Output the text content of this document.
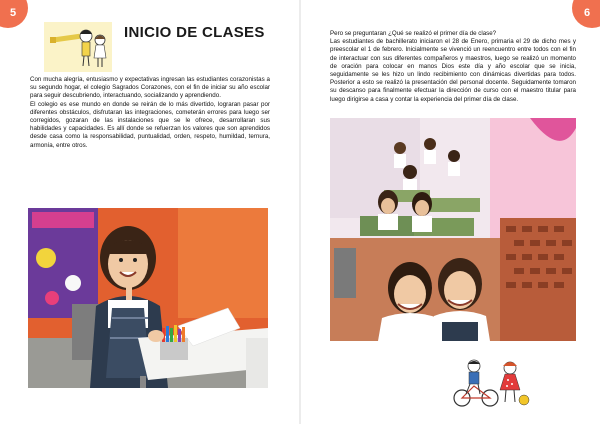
5
INICIO DE CLASES

Con mucha alegría, entusiasmo y expectativas ingresan las estudiantes corazonistas a su segundo hogar, el colegio Sagrados Corazones, con el fin de iniciar su año escolar para seguir descubriendo, interactuando, socializando y aprendiendo.

El colegio es ese mundo en donde se reirán de lo más divertido, lograran pasar por diferentes obstáculos, disfrutaran las integraciones, cometerán errores para luego ser corregidos, gozaran de las instalaciones que se le ofrece, desarrollaran sus habilidades y capacidades. Es allí donde se refuerzan los valores que son aprendidos desde casa como la responsabilidad, puntualidad, orden, respeto, humildad, ternura, armonía, entre otros.

6

Pero se preguntaran ¿Qué se realizó el primer día de clase?

Las estudiantes de bachillerato iniciaron el 28 de Enero, primaria el 29 de dicho mes y preescolar el 1 de febrero. Inicialmente se vivenció un reencuentro entre todos con el fin de interactuar con sus diferentes compañeros y maestros, luego se realizó un momento de oración para colocar en manos Dios este día y año escolar que se inicia, seguidamente se les hizo un lindo recibimiento con dinámicas divertidas para todos. Posterior a esto se realizó la presentación del personal docente. Seguidamente tomaron su descanso para finalmente efectuar la dirección de curso con el maestro titular para luego dirigirse a casa y contar la experiencia del primer día de clase.
